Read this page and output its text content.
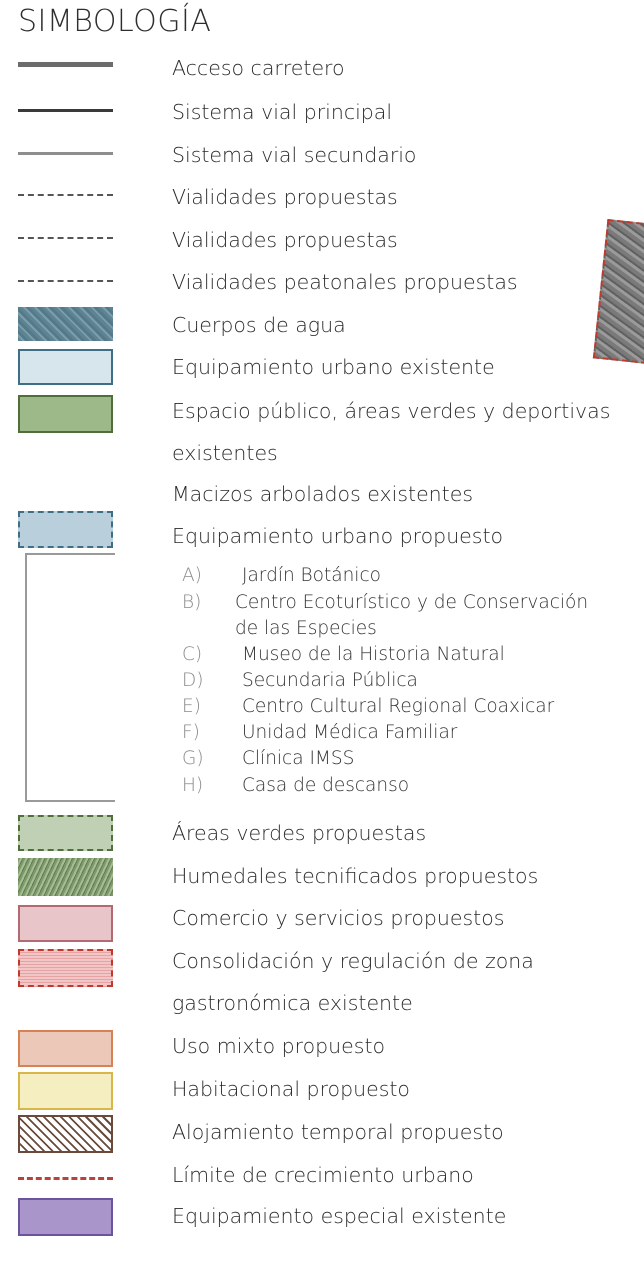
SIMBOLOGÍA
Acceso carretero
Sistema vial principal
Sistema vial secundario
Vialidades propuestas
Vialidades propuestas
Vialidades peatonales propuestas
Cuerpos de agua
Equipamiento urbano existente
Espacio público, áreas verdes y deportivas
existentes
Macizos arbolados existentes
Equipamiento urbano propuesto
A) Jardín Botánico
B) Centro Ecoturístico y de Conservación
de las Especies
C) Museo de la Historia Natural
D) Secundaria Pública
E) Centro Cultural Regional Coaxicar
F) Unidad Médica Familiar
G) Clínica IMSS
H) Casa de descanso
Áreas verdes propuestas
Humedales tecnificados propuestos
Comercio y servicios propuestos
Consolidación y regulación de zona
gastronómica existente
Uso mixto propuesto
Habitacional propuesto
Alojamiento temporal propuesto
Límite de crecimiento urbano
Equipamiento especial existente
